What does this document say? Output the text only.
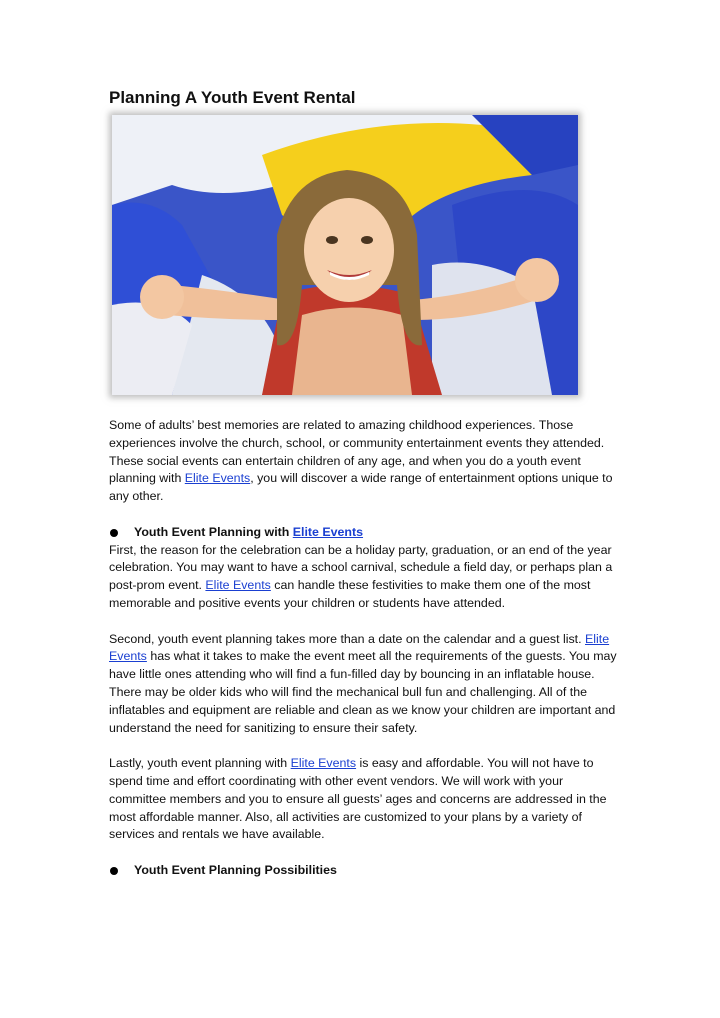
Planning A Youth Event Rental

Some of adults’ best memories are related to amazing childhood experiences. Those experiences involve the church, school, or community entertainment events they attended. These social events can entertain children of any age, and when you do a youth event planning with Elite Events, you will discover a wide range of entertainment options unique to any other.

Youth Event Planning with Elite Events

First, the reason for the celebration can be a holiday party, graduation, or an end of the year celebration. You may want to have a school carnival, schedule a field day, or perhaps plan a post-prom event. Elite Events can handle these festivities to make them one of the most memorable and positive events your children or students have attended.

Second, youth event planning takes more than a date on the calendar and a guest list. Elite Events has what it takes to make the event meet all the requirements of the guests. You may have little ones attending who will find a fun-filled day by bouncing in an inflatable house. There may be older kids who will find the mechanical bull fun and challenging. All of the inflatables and equipment are reliable and clean as we know your children are important and understand the need for sanitizing to ensure their safety.

Lastly, youth event planning with Elite Events is easy and affordable. You will not have to spend time and effort coordinating with other event vendors. We will work with your committee members and you to ensure all guests’ ages and concerns are addressed in the most affordable manner. Also, all activities are customized to your plans by a variety of services and rentals we have available.

Youth Event Planning Possibilities
